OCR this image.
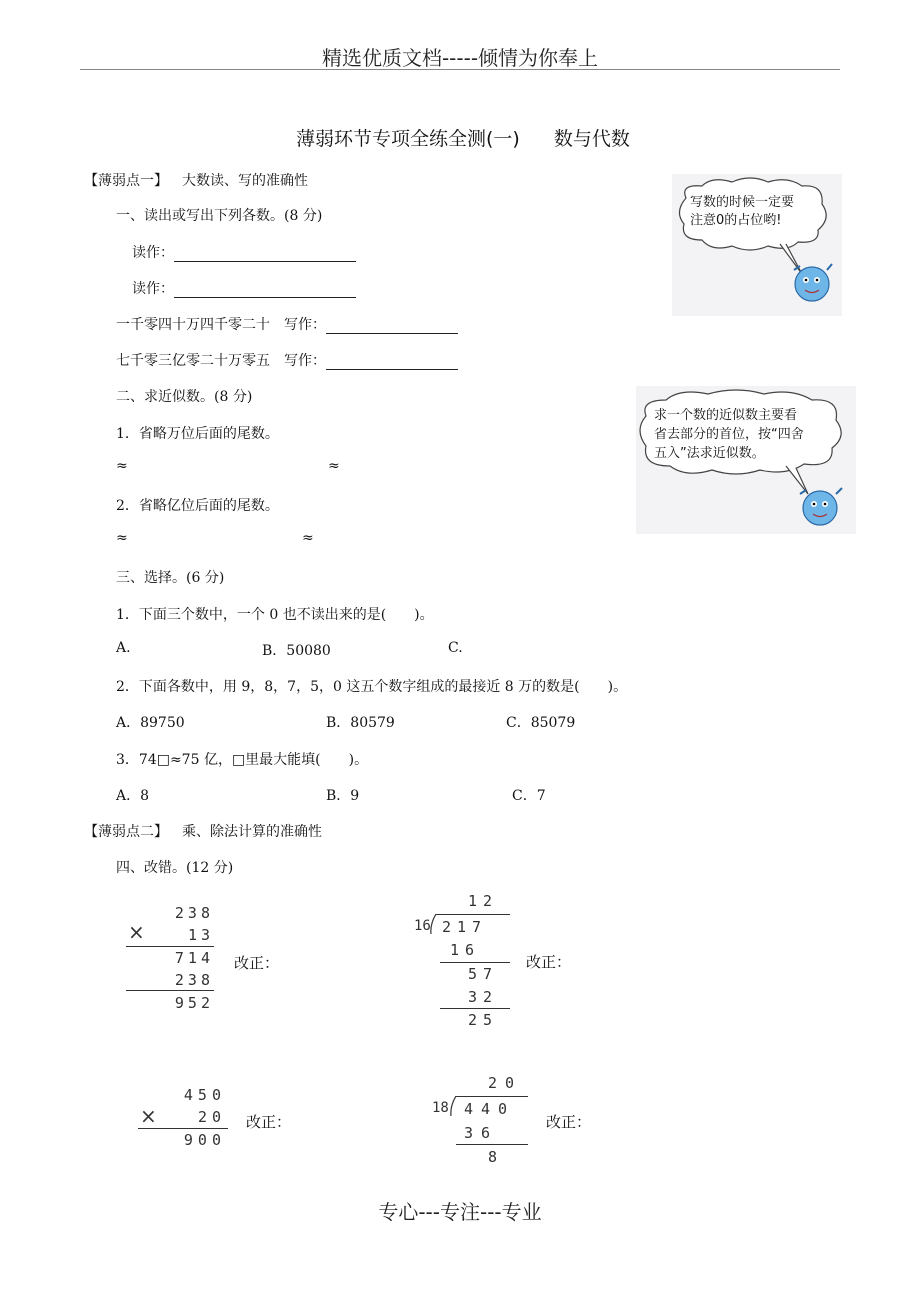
精选优质文档-----倾情为你奉上
薄弱环节专项全练全测(一) 数与代数
【薄弱点一】 大数读、写的准确性
写数的时候一定要
注意0的占位哟!
一、读出或写出下列各数。(8 分)
读作：
读作：
一千零四十万四千零二十 写作：
七千零三亿零二十万零五 写作：
求一个数的近似数主要看
省去部分的首位，按“四舍
五入”法求近似数。
二、求近似数。(8 分)
1．省略万位后面的尾数。
≈	≈
2．省略亿位后面的尾数。
≈	≈
三、选择。(6 分)
1．下面三个数中，一个 0 也不读出来的是(　　)。
A.	B．50080	C.
2．下面各数中，用 9，8，7，5，0 这五个数字组成的最接近 8 万的数是(　　)。
A．89750	B．80579	C．85079
3．74□≈75 亿，□里最大能填(　　)。
A．8	B．9	C．7
【薄弱点二】 乘、除法计算的准确性
四、改错。(12 分)
238
×	13
714
238
952
改正：
12
16 217
16
57
32
25
改正：
450
×	20
900
改正：
20
18 440
36
8
改正：
专心---专注---专业
